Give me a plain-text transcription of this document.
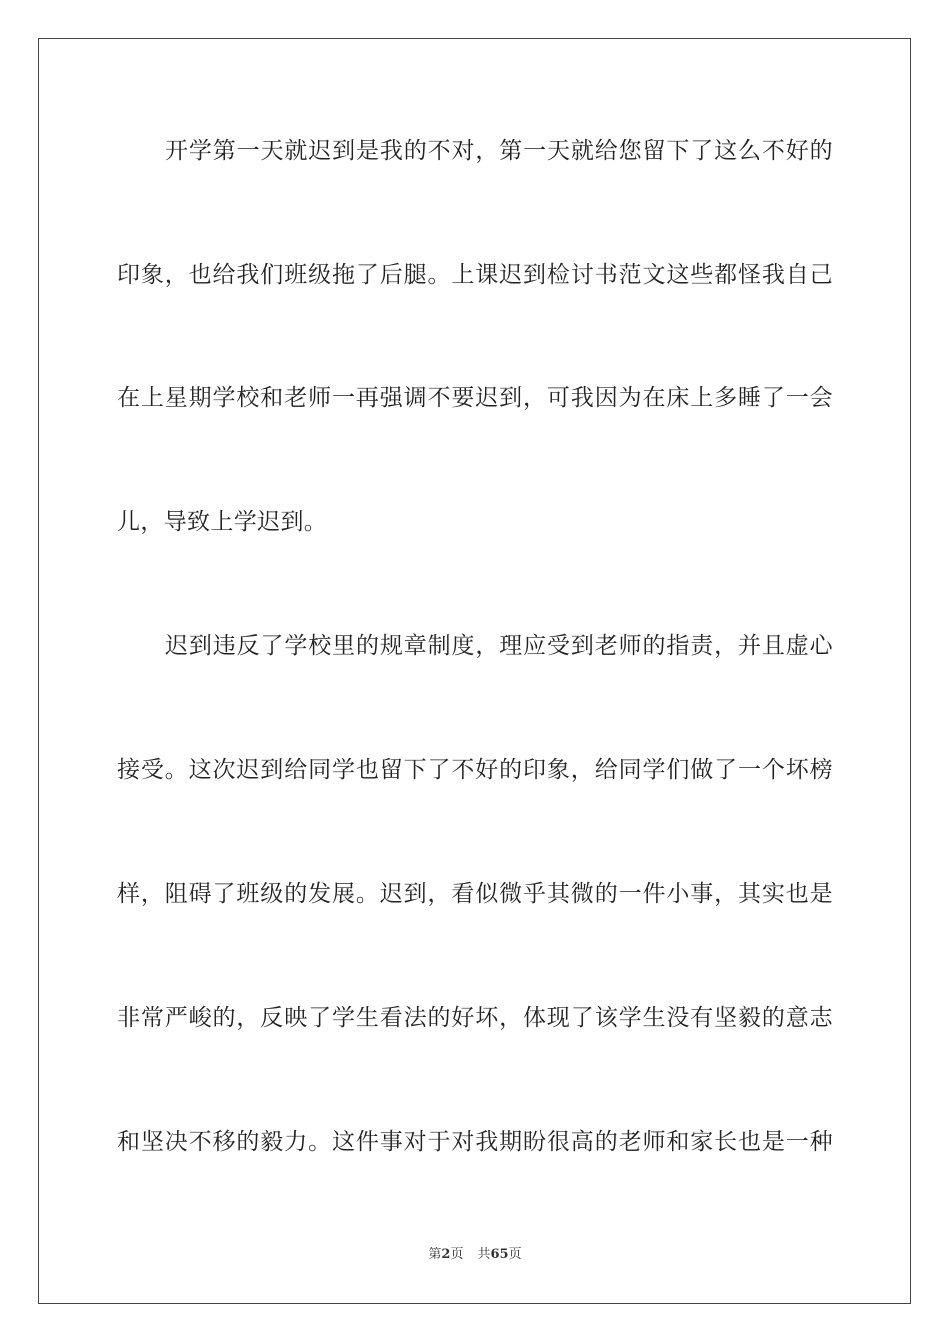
开学第一天就迟到是我的不对，第一天就给您留下了这么不好的
印象，也给我们班级拖了后腿。上课迟到检讨书范文这些都怪我自己
在上星期学校和老师一再强调不要迟到，可我因为在床上多睡了一会
儿，导致上学迟到。
迟到违反了学校里的规章制度，理应受到老师的指责，并且虚心
接受。这次迟到给同学也留下了不好的印象，给同学们做了一个坏榜
样，阻碍了班级的发展。迟到，看似微乎其微的一件小事，其实也是
非常严峻的，反映了学生看法的好坏，体现了该学生没有坚毅的意志
和坚决不移的毅力。这件事对于对我期盼很高的老师和家长也是一种
第2页 共65页
